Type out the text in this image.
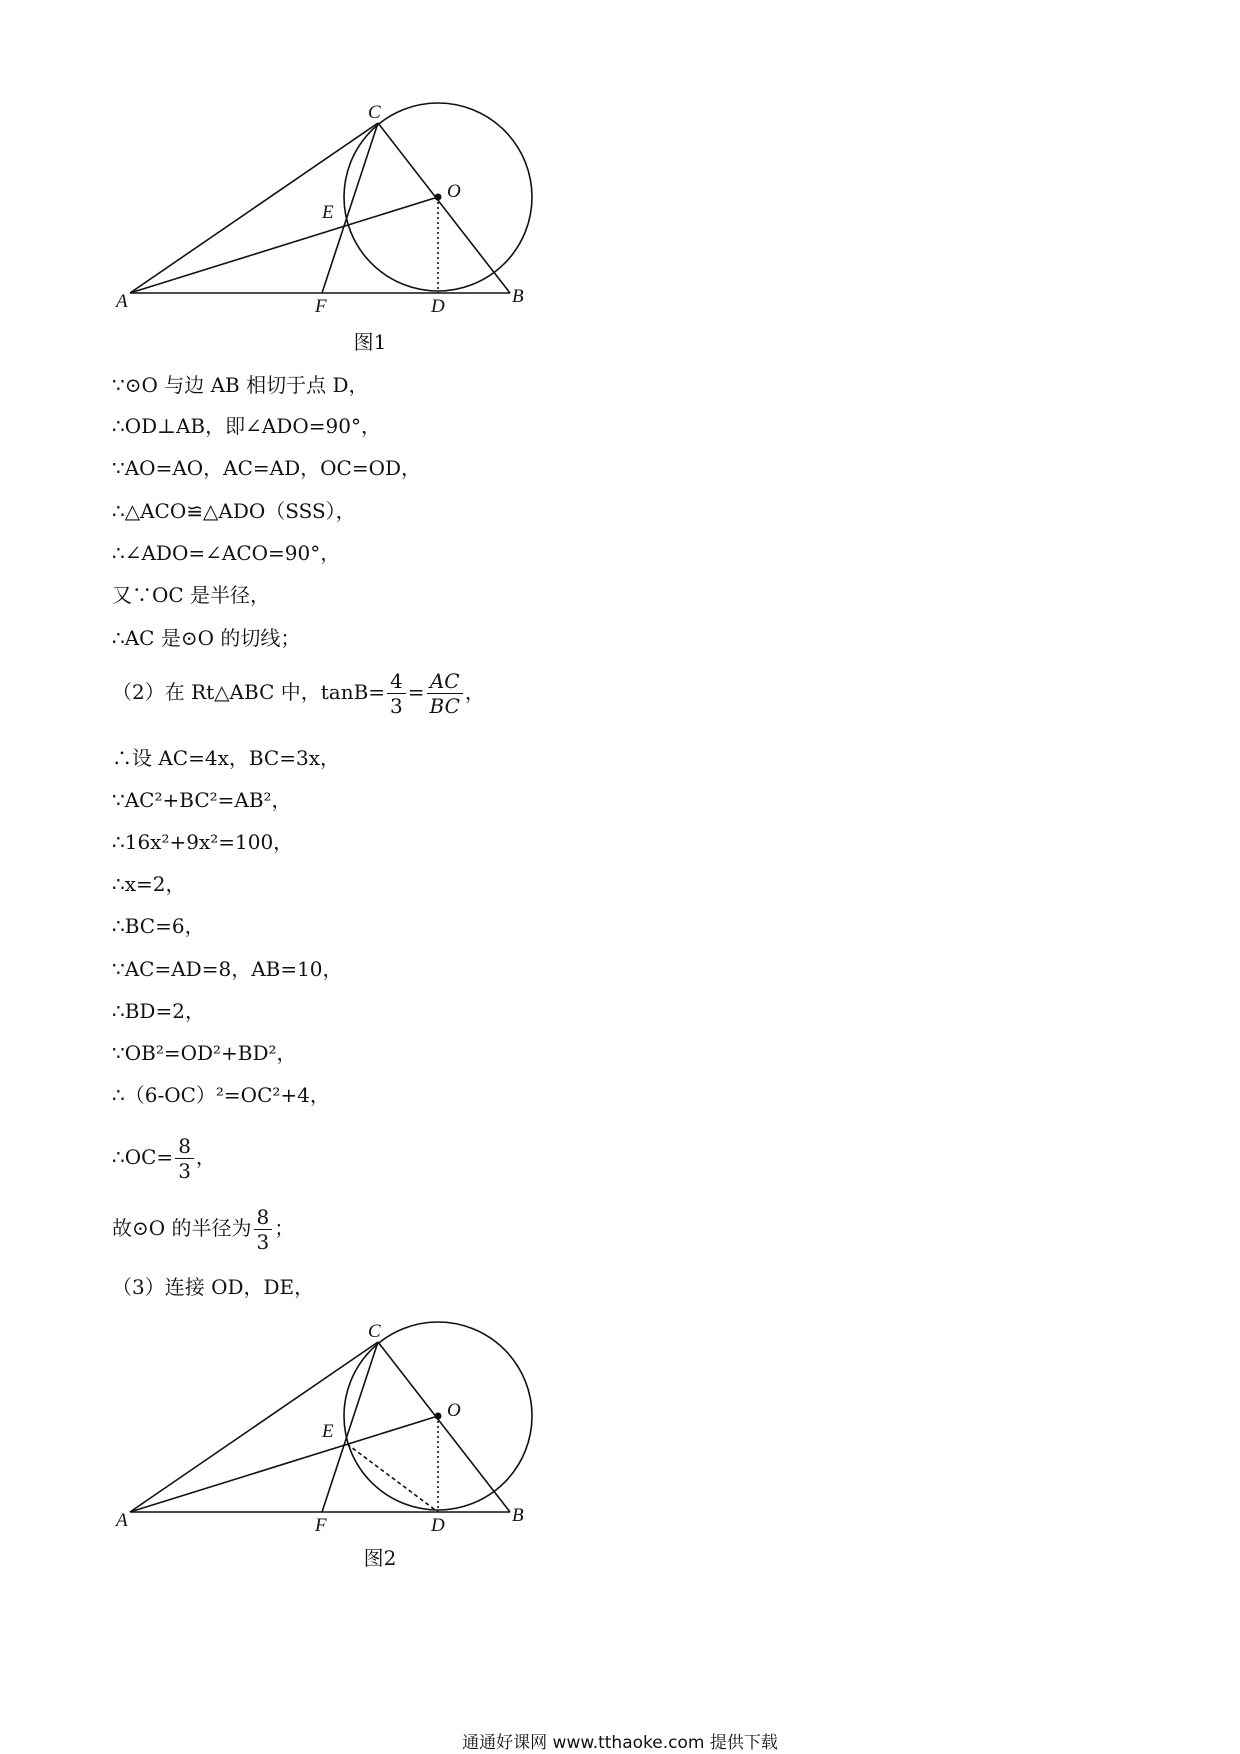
A	B
C
D
E
F
O
图1
∵⊙O 与边 AB 相切于点 D，
∴OD⊥AB，即∠ADO=90°，
∵AO=AO，AC=AD，OC=OD，
∴△ACO≌△ADO（SSS），
∴∠ADO=∠ACO=90°，
又∵OC 是半径，
∴AC 是⊙O 的切线；
（2）在 Rt△ABC 中，$\tan B= \frac{4}{3} = \frac{AC}{BC}$ ，
∴设 AC=4x，BC=3x，
∵AC²+BC²=AB²，
∴16x²+9x²=100，
∴x=2，
∴BC=6，
∵AC=AD=8，AB=10，
∴BD=2，
∵OB²=OD²+BD²，
∴（6-OC）²=OC²+4，
∴OC= $\frac{8}{3}$ ，
故⊙O 的半径为 $\frac{8}{3}$ ；
（3）连接 OD，DE，
A	B
C
D
E
F
O
图2
通通好课网 www.tthaoke.com 提供下载
